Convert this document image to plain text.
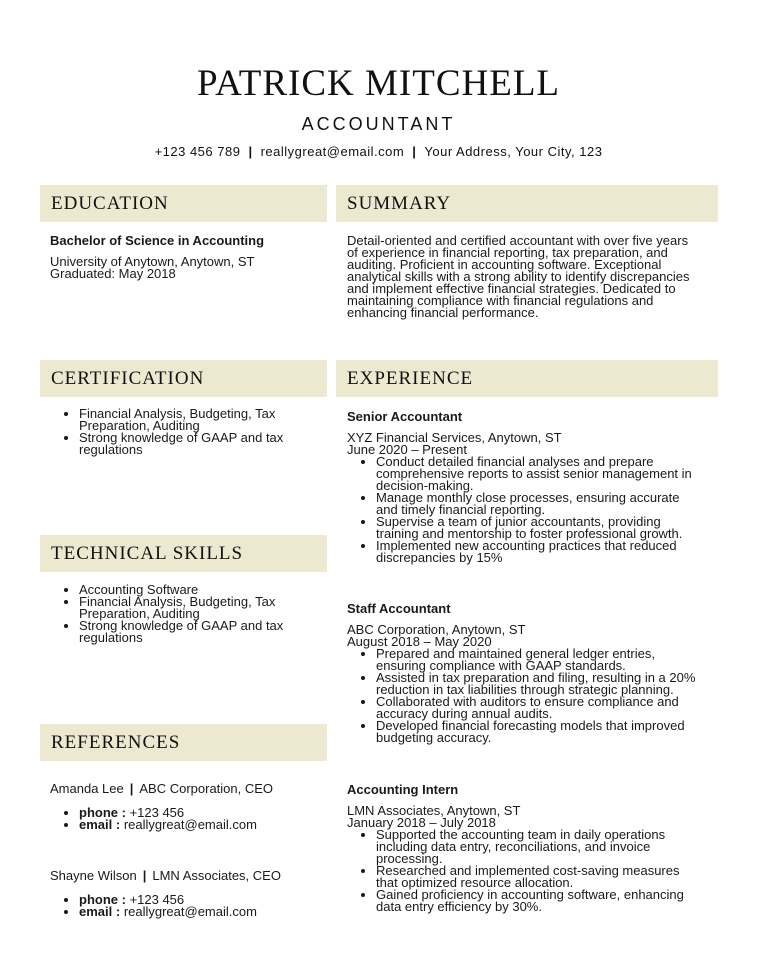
PATRICK MITCHELL
ACCOUNTANT
+123 456 789 | reallygreat@email.com | Your Address, Your City, 123
EDUCATION	SUMMARY
CERTIFICATION	EXPERIENCE
TECHNICAL SKILLS
REFERENCES
Bachelor of Science in Accounting
University of Anytown, Anytown, ST
Graduated: May 2018
Detail-oriented and certified accountant with over five years
of experience in financial reporting, tax preparation, and
auditing. Proficient in accounting software. Exceptional
analytical skills with a strong ability to identify discrepancies
and implement effective financial strategies. Dedicated to
maintaining compliance with financial regulations and
enhancing financial performance.
• Financial Analysis, Budgeting, Tax
Preparation, Auditing
• Strong knowledge of GAAP and tax
regulations
• Accounting Software
• Financial Analysis, Budgeting, Tax
Preparation, Auditing
• Strong knowledge of GAAP and tax
regulations
Amanda Lee | ABC Corporation, CEO
• phone : +123 456
• email : reallygreat@email.com
Shayne Wilson | LMN Associates, CEO
• phone : +123 456
• email : reallygreat@email.com
Senior Accountant
XYZ Financial Services, Anytown, ST
June 2020 – Present
• Conduct detailed financial analyses and prepare
comprehensive reports to assist senior management in
decision-making.
• Manage monthly close processes, ensuring accurate
and timely financial reporting.
• Supervise a team of junior accountants, providing
training and mentorship to foster professional growth.
• Implemented new accounting practices that reduced
discrepancies by 15%
Staff Accountant
ABC Corporation, Anytown, ST
August 2018 – May 2020
• Prepared and maintained general ledger entries,
ensuring compliance with GAAP standards.
• Assisted in tax preparation and filing, resulting in a 20%
reduction in tax liabilities through strategic planning.
• Collaborated with auditors to ensure compliance and
accuracy during annual audits.
• Developed financial forecasting models that improved
budgeting accuracy.
Accounting Intern
LMN Associates, Anytown, ST
January 2018 – July 2018
• Supported the accounting team in daily operations
including data entry, reconciliations, and invoice
processing.
• Researched and implemented cost-saving measures
that optimized resource allocation.
• Gained proficiency in accounting software, enhancing
data entry efficiency by 30%.
